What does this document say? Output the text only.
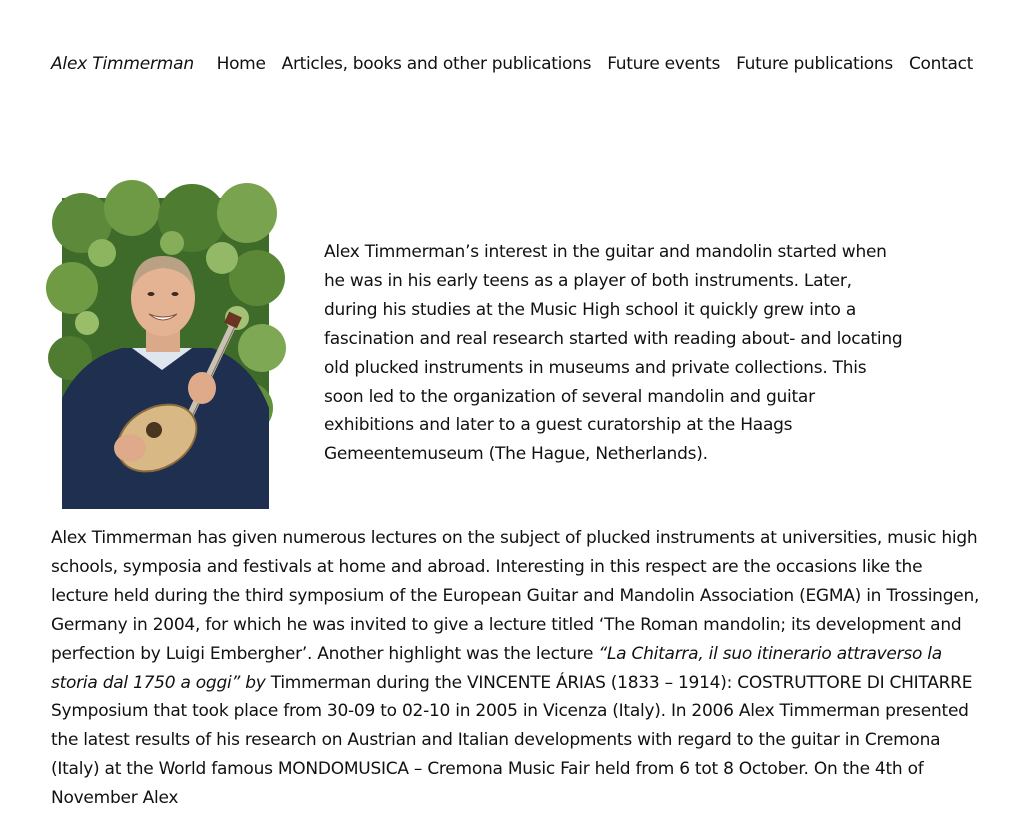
Alex Timmerman Home Articles, books and other publications Future events Future publications Contact

Alex Timmerman’s interest in the guitar and mandolin started when he was in his early teens as a player of both instruments. Later, during his studies at the Music High school it quickly grew into a fascination and real research started with reading about- and locating old plucked instruments in museums and private collections. This soon led to the organization of several mandolin and guitar exhibitions and later to a guest curatorship at the Haags Gemeentemuseum (The Hague, Netherlands).

Alex Timmerman has given numerous lectures on the subject of plucked instruments at universities, music high schools, symposia and festivals at home and abroad. Interesting in this respect are the occasions like the lecture held during the third symposium of the European Guitar and Mandolin Association (EGMA) in Trossingen, Germany in 2004, for which he was invited to give a lecture titled ‘The Roman mandolin; its development and perfection by Luigi Embergher’. Another highlight was the lecture “La Chitarra, il suo itinerario attraverso la storia dal 1750 a oggi” by Timmerman during the VINCENTE ÁRIAS (1833 – 1914): COSTRUTTORE DI CHITARRE Symposium that took place from 30-09 to 02-10 in 2005 in Vicenza (Italy). In 2006 Alex Timmerman presented the latest results of his research on Austrian and Italian developments with regard to the guitar in Cremona (Italy) at the World famous MONDOMUSICA – Cremona Music Fair held from 6 tot 8 October. On the 4th of November Alex
